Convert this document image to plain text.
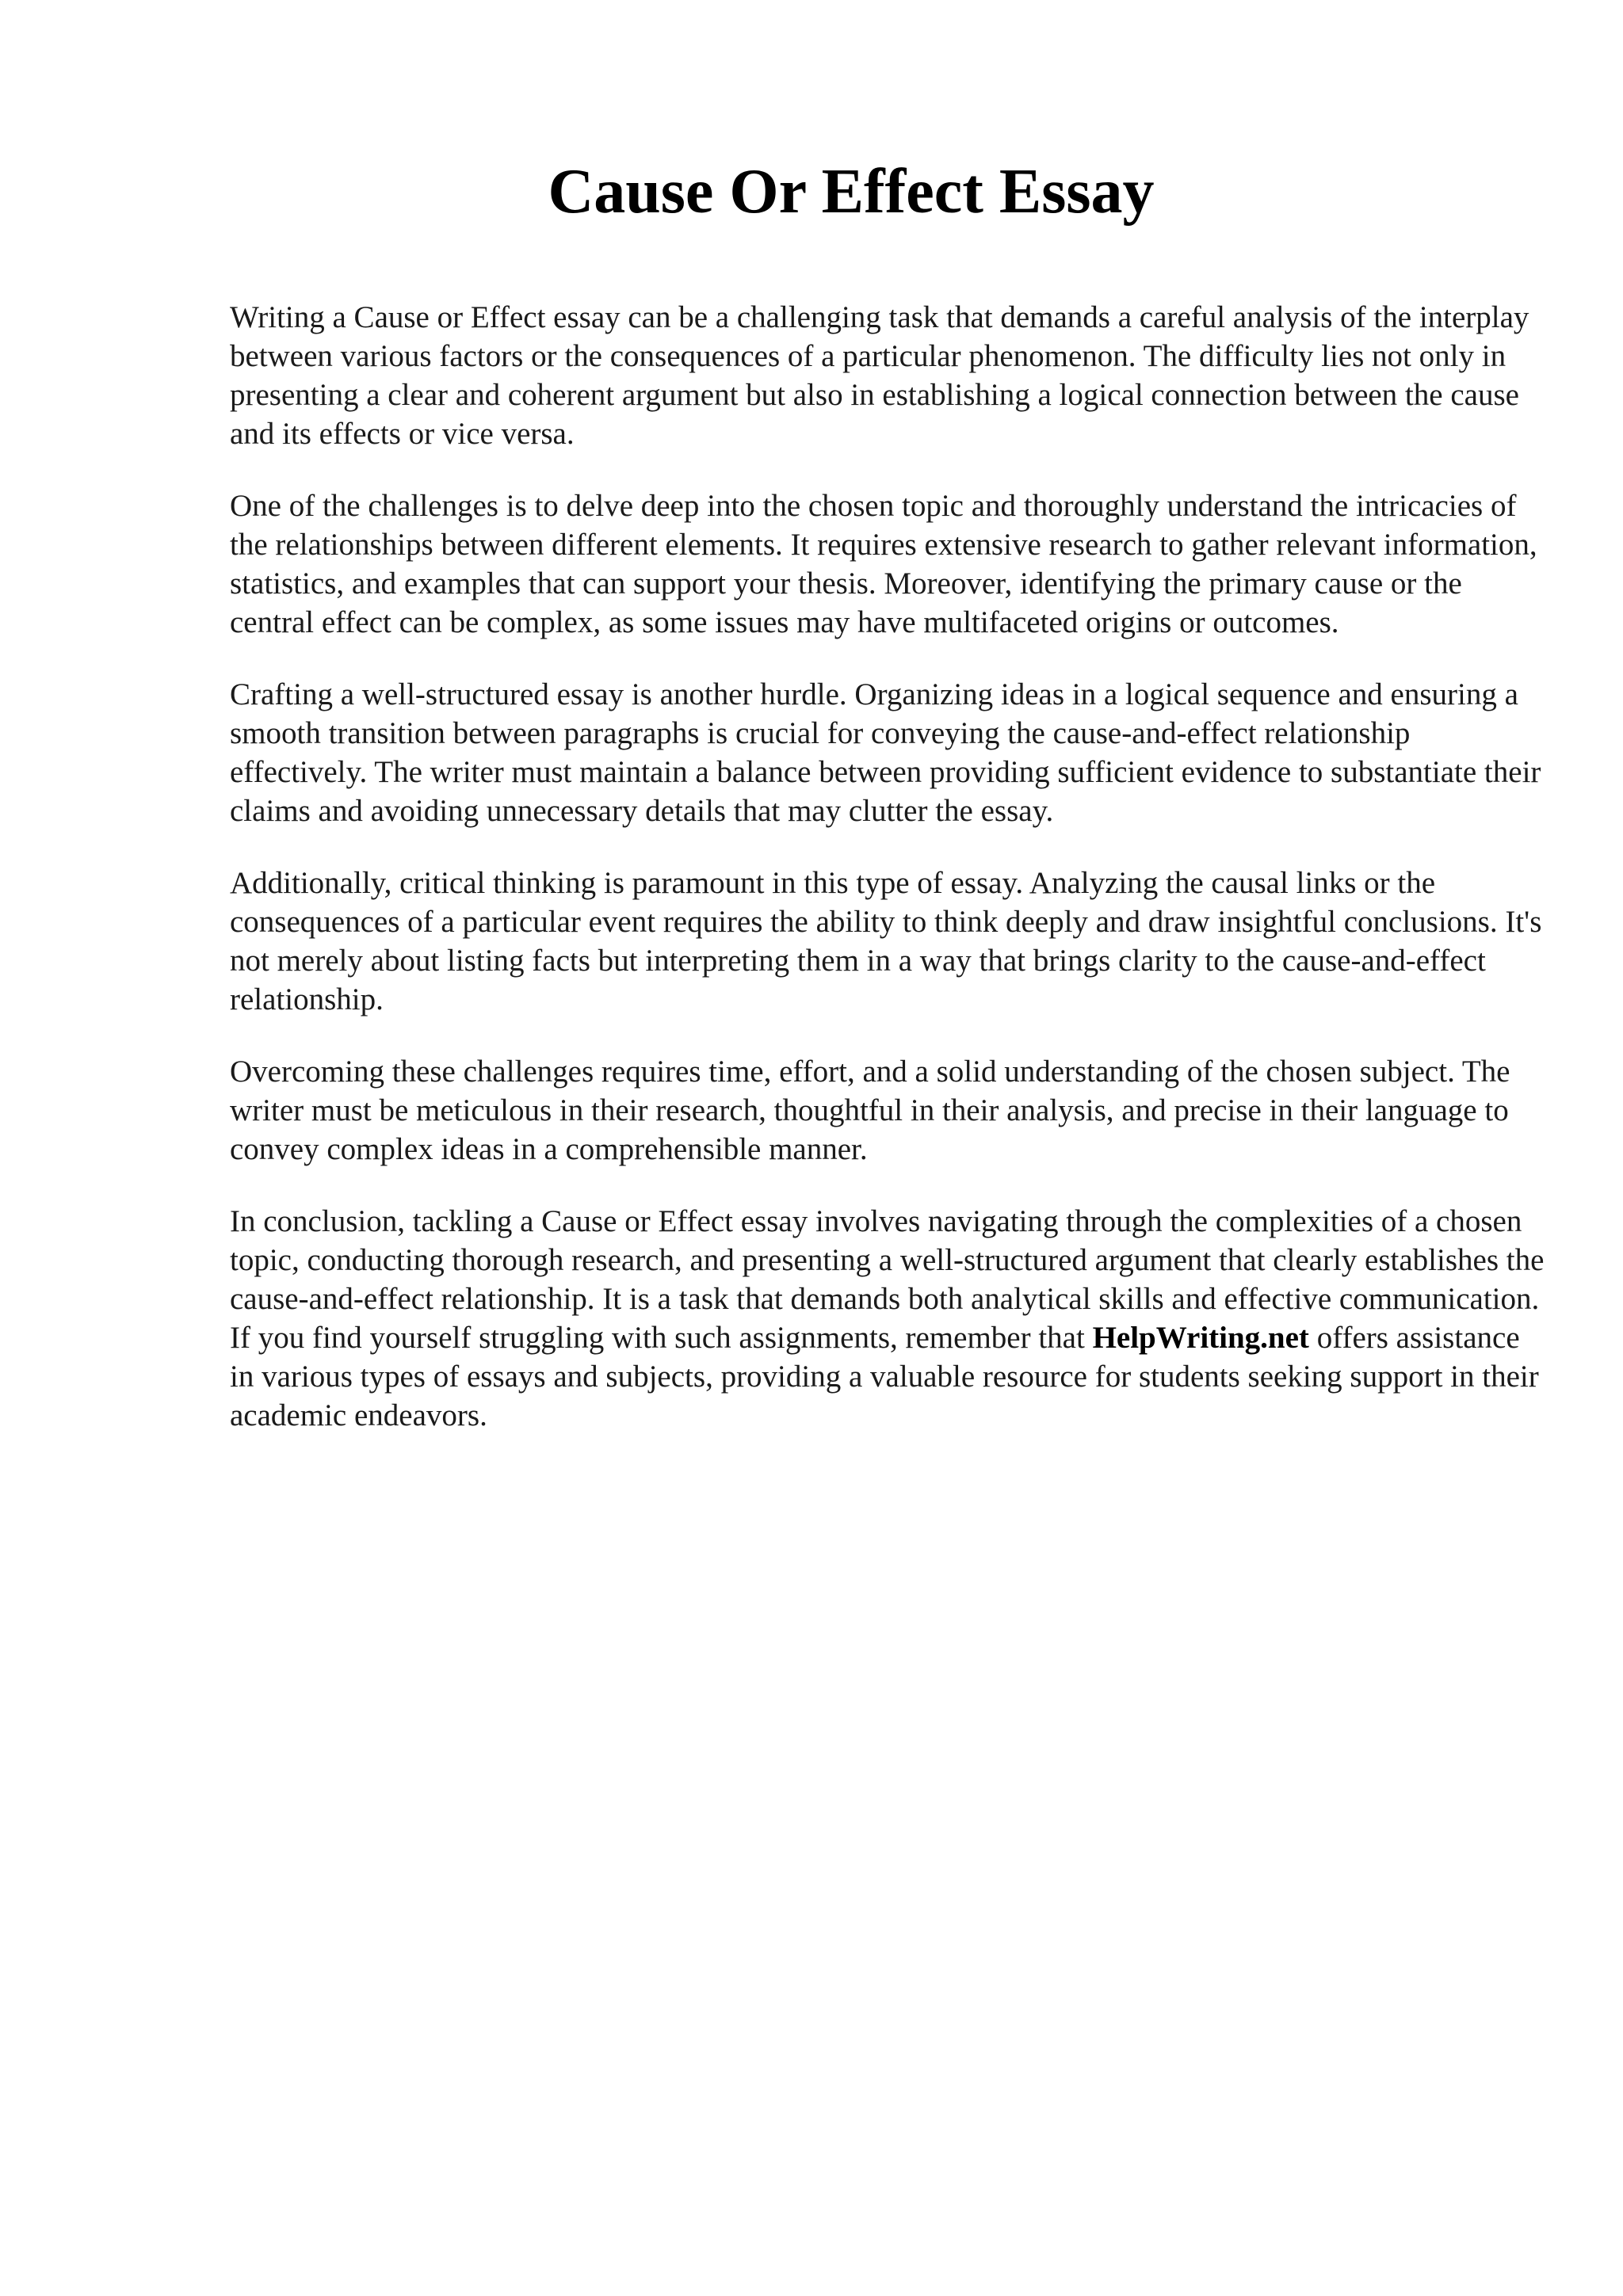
Cause Or Effect Essay

Writing a Cause or Effect essay can be a challenging task that demands a careful analysis of the interplay between various factors or the consequences of a particular phenomenon. The difficulty lies not only in presenting a clear and coherent argument but also in establishing a logical connection between the cause and its effects or vice versa.

One of the challenges is to delve deep into the chosen topic and thoroughly understand the intricacies of the relationships between different elements. It requires extensive research to gather relevant information, statistics, and examples that can support your thesis. Moreover, identifying the primary cause or the central effect can be complex, as some issues may have multifaceted origins or outcomes.

Crafting a well-structured essay is another hurdle. Organizing ideas in a logical sequence and ensuring a smooth transition between paragraphs is crucial for conveying the cause-and-effect relationship effectively. The writer must maintain a balance between providing sufficient evidence to substantiate their claims and avoiding unnecessary details that may clutter the essay.

Additionally, critical thinking is paramount in this type of essay. Analyzing the causal links or the consequences of a particular event requires the ability to think deeply and draw insightful conclusions. It's not merely about listing facts but interpreting them in a way that brings clarity to the cause-and-effect relationship.

Overcoming these challenges requires time, effort, and a solid understanding of the chosen subject. The writer must be meticulous in their research, thoughtful in their analysis, and precise in their language to convey complex ideas in a comprehensible manner.

In conclusion, tackling a Cause or Effect essay involves navigating through the complexities of a chosen topic, conducting thorough research, and presenting a well-structured argument that clearly establishes the cause-and-effect relationship. It is a task that demands both analytical skills and effective communication. If you find yourself struggling with such assignments, remember that HelpWriting.net offers assistance in various types of essays and subjects, providing a valuable resource for students seeking support in their academic endeavors.
